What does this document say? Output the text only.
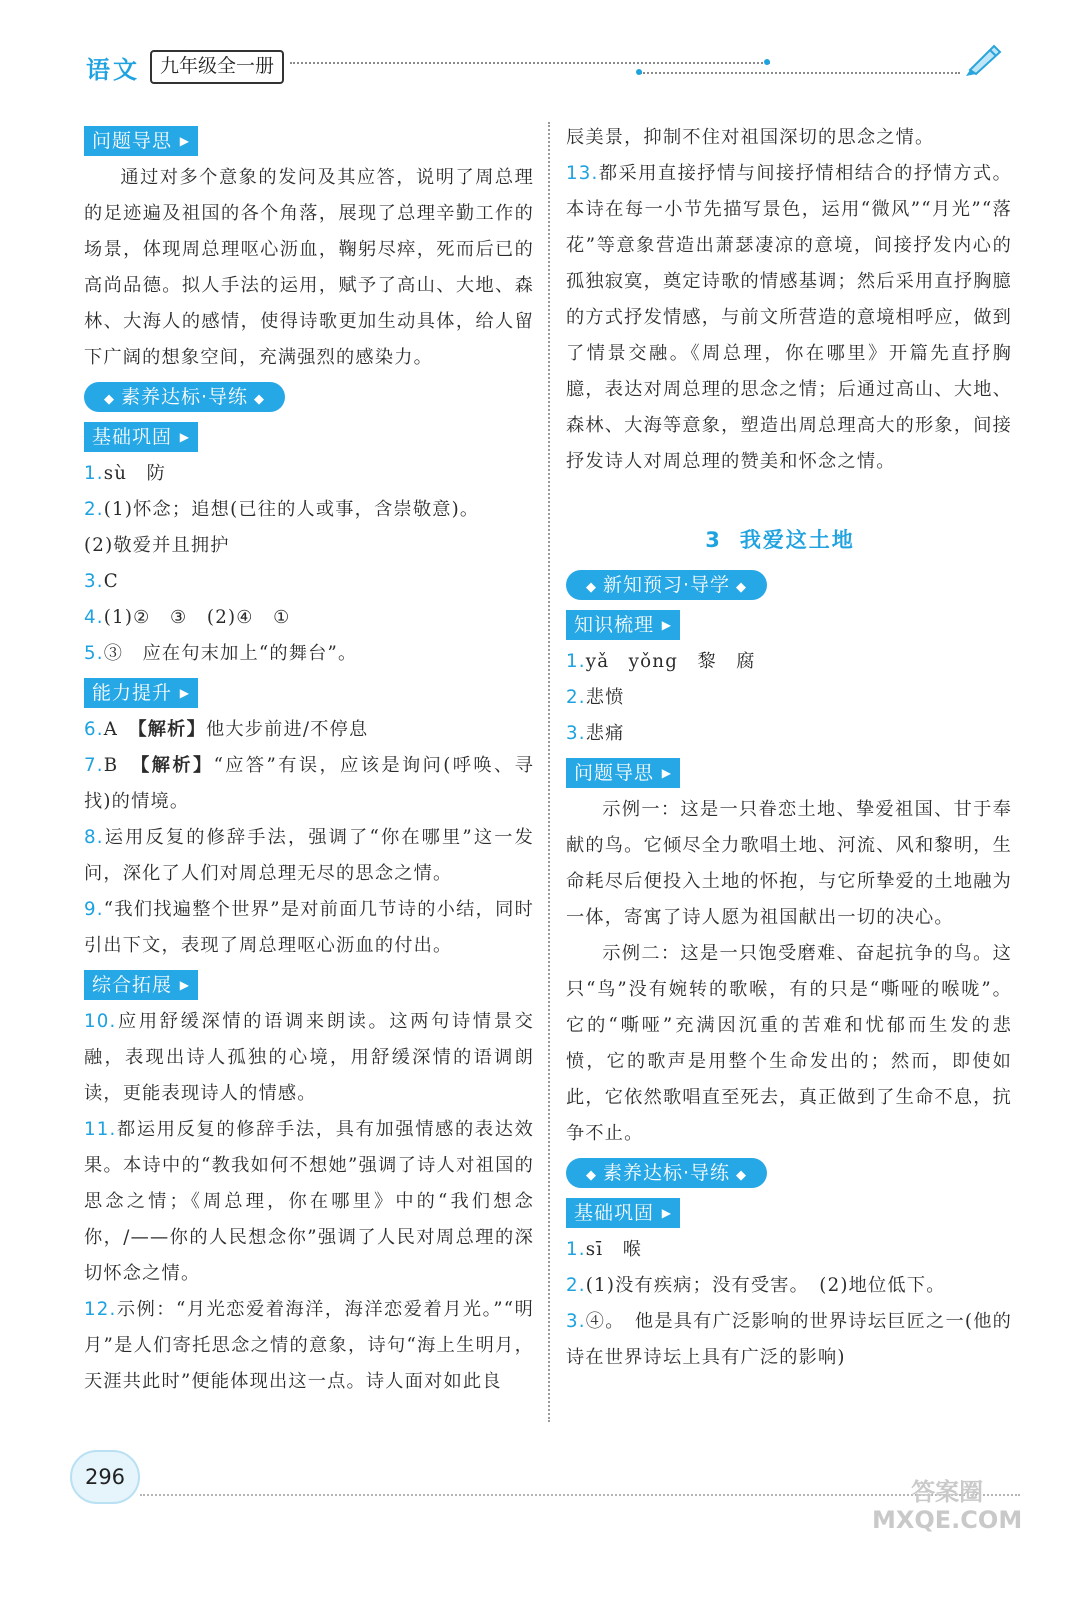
语文	九年级全一册
问题导思 ▶

通过对多个意象的发问及其应答，说明了周总理的足迹遍及祖国的各个角落，展现了总理辛勤工作的场景，体现周总理呕心沥血，鞠躬尽瘁，死而后已的高尚品德。拟人手法的运用，赋予了高山、大地、森林、大海人的感情，使得诗歌更加生动具体，给人留下广阔的想象空间，充满强烈的感染力。

◆ 素养达标·导练 ◆
基础巩固 ▶

1.sù　防

2.(1)怀念；追想(已往的人或事，含崇敬意)。

(2)敬爱并且拥护

3.C

4.(1)②　③　(2)④　①

5.③　应在句末加上“的舞台”。

能力提升 ▶

6.A　【解析】他大步前进/不停息

7.B　【解析】“应答”有误，应该是询问(呼唤、寻找)的情境。

8.运用反复的修辞手法，强调了“你在哪里”这一发问，深化了人们对周总理无尽的思念之情。

9.“我们找遍整个世界”是对前面几节诗的小结，同时引出下文，表现了周总理呕心沥血的付出。

综合拓展 ▶

10.应用舒缓深情的语调来朗读。这两句诗情景交融，表现出诗人孤独的心境，用舒缓深情的语调朗读，更能表现诗人的情感。

11.都运用反复的修辞手法，具有加强情感的表达效果。本诗中的“教我如何不想她”强调了诗人对祖国的思念之情；《周总理，你在哪里》中的“我们想念你，/——你的人民想念你”强调了人民对周总理的深切怀念之情。

12.示例：“月光恋爱着海洋，海洋恋爱着月光。”“明月”是人们寄托思念之情的意象，诗句“海上生明月，天涯共此时”便能体现出这一点。诗人面对如此良

辰美景，抑制不住对祖国深切的思念之情。

13.都采用直接抒情与间接抒情相结合的抒情方式。本诗在每一小节先描写景色，运用“微风”“月光”“落花”等意象营造出萧瑟凄凉的意境，间接抒发内心的孤独寂寞，奠定诗歌的情感基调；然后采用直抒胸臆的方式抒发情感，与前文所营造的意境相呼应，做到了情景交融。《周总理，你在哪里》开篇先直抒胸臆，表达对周总理的思念之情；后通过高山、大地、森林、大海等意象，塑造出周总理高大的形象，间接抒发诗人对周总理的赞美和怀念之情。

3 我爱这土地
◆ 新知预习·导学 ◆
知识梳理 ▶

1.yǎ　yǒng　黎　腐

2.悲愤

3.悲痛

问题导思 ▶

示例一：这是一只眷恋土地、挚爱祖国、甘于奉献的鸟。它倾尽全力歌唱土地、河流、风和黎明，生命耗尽后便投入土地的怀抱，与它所挚爱的土地融为一体，寄寓了诗人愿为祖国献出一切的决心。

示例二：这是一只饱受磨难、奋起抗争的鸟。这只“鸟”没有婉转的歌喉，有的只是“嘶哑的喉咙”。它的“嘶哑”充满因沉重的苦难和忧郁而生发的悲愤，它的歌声是用整个生命发出的；然而，即使如此，它依然歌唱直至死去，真正做到了生命不息，抗争不止。

◆ 素养达标·导练 ◆
基础巩固 ▶

1.sī　喉

2.(1)没有疾病；没有受害。　(2)地位低下。

3.④。　他是具有广泛影响的世界诗坛巨匠之一(他的诗在世界诗坛上具有广泛的影响)

296
答案圈
MXQE.COM
